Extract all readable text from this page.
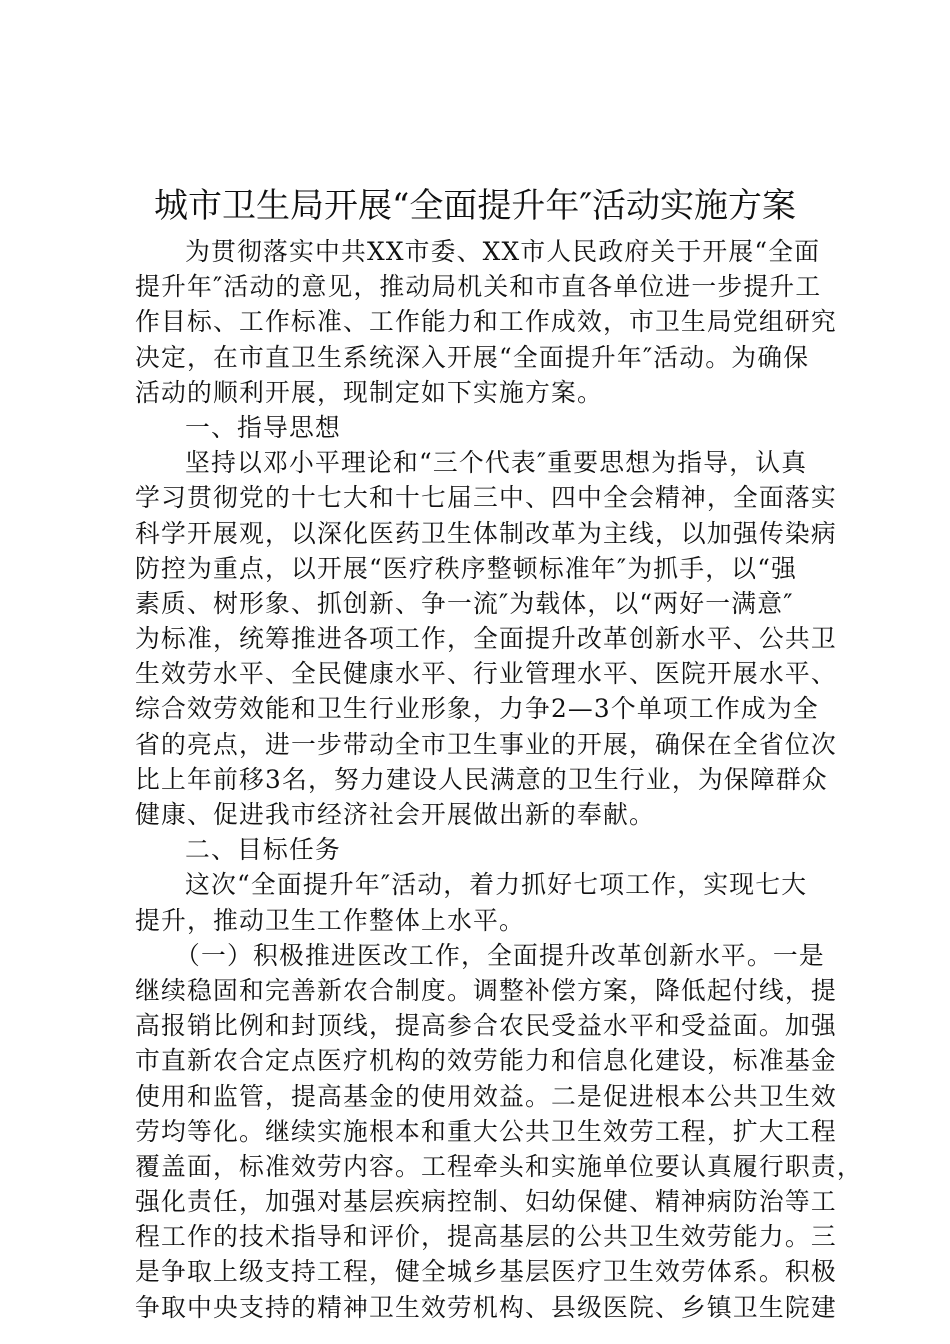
城市卫生局开展“全面提升年″活动实施方案
为贯彻落实中共XX市委、XX市人民政府关于开展“全面
提升年″活动的意见，推动局机关和市直各单位进一步提升工
作目标、工作标准、工作能力和工作成效，市卫生局党组研究
决定，在市直卫生系统深入开展“全面提升年″活动。为确保
活动的顺利开展，现制定如下实施方案。
一、指导思想
坚持以邓小平理论和“三个代表″重要思想为指导，认真
学习贯彻党的十七大和十七届三中、四中全会精神，全面落实
科学开展观，以深化医药卫生体制改革为主线，以加强传染病
防控为重点，以开展“医疗秩序整顿标准年″为抓手，以“强
素质、树形象、抓创新、争一流″为载体，以“两好一满意″
为标准，统筹推进各项工作，全面提升改革创新水平、公共卫
生效劳水平、全民健康水平、行业管理水平、医院开展水平、
综合效劳效能和卫生行业形象，力争2—3个单项工作成为全
省的亮点，进一步带动全市卫生事业的开展，确保在全省位次
比上年前移3名，努力建设人民满意的卫生行业，为保障群众
健康、促进我市经济社会开展做出新的奉献。
二、目标任务
这次“全面提升年″活动，着力抓好七项工作，实现七大
提升，推动卫生工作整体上水平。
（一）积极推进医改工作，全面提升改革创新水平。一是
继续稳固和完善新农合制度。调整补偿方案，降低起付线，提
高报销比例和封顶线，提高参合农民受益水平和受益面。加强
市直新农合定点医疗机构的效劳能力和信息化建设，标准基金
使用和监管，提高基金的使用效益。二是促进根本公共卫生效
劳均等化。继续实施根本和重大公共卫生效劳工程，扩大工程
覆盖面，标准效劳内容。工程牵头和实施单位要认真履行职责，
强化责任，加强对基层疾病控制、妇幼保健、精神病防治等工
程工作的技术指导和评价，提高基层的公共卫生效劳能力。三
是争取上级支持工程，健全城乡基层医疗卫生效劳体系。积极
争取中央支持的精神卫生效劳机构、县级医院、乡镇卫生院建
